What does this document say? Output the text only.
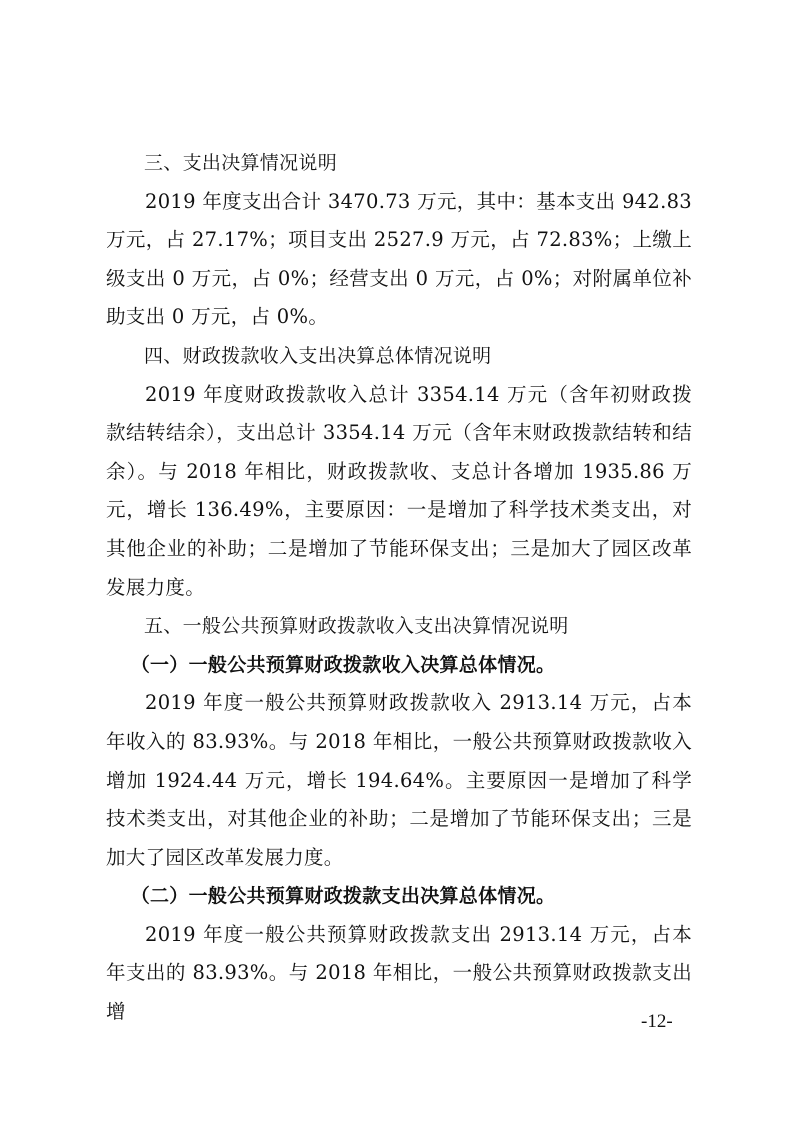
三、支出决算情况说明

2019 年度支出合计 3470.73 万元，其中：基本支出 942.83 万元，占 27.17%；项目支出 2527.9 万元，占 72.83%；上缴上级支出 0 万元，占 0%；经营支出 0 万元，占 0%；对附属单位补助支出 0 万元，占 0%。

四、财政拨款收入支出决算总体情况说明

2019 年度财政拨款收入总计 3354.14 万元（含年初财政拨款结转结余），支出总计 3354.14 万元（含年末财政拨款结转和结余）。与 2018 年相比，财政拨款收、支总计各增加 1935.86 万元，增长 136.49%，主要原因：一是增加了科学技术类支出，对其他企业的补助；二是增加了节能环保支出；三是加大了园区改革发展力度。

五、一般公共预算财政拨款收入支出决算情况说明

（一）一般公共预算财政拨款收入决算总体情况。

2019 年度一般公共预算财政拨款收入 2913.14 万元，占本年收入的 83.93%。与 2018 年相比，一般公共预算财政拨款收入增加 1924.44 万元，增长 194.64%。主要原因一是增加了科学技术类支出，对其他企业的补助；二是增加了节能环保支出；三是加大了园区改革发展力度。

（二）一般公共预算财政拨款支出决算总体情况。

2019 年度一般公共预算财政拨款支出 2913.14 万元，占本年支出的 83.93%。与 2018 年相比，一般公共预算财政拨款支出增	-12-
